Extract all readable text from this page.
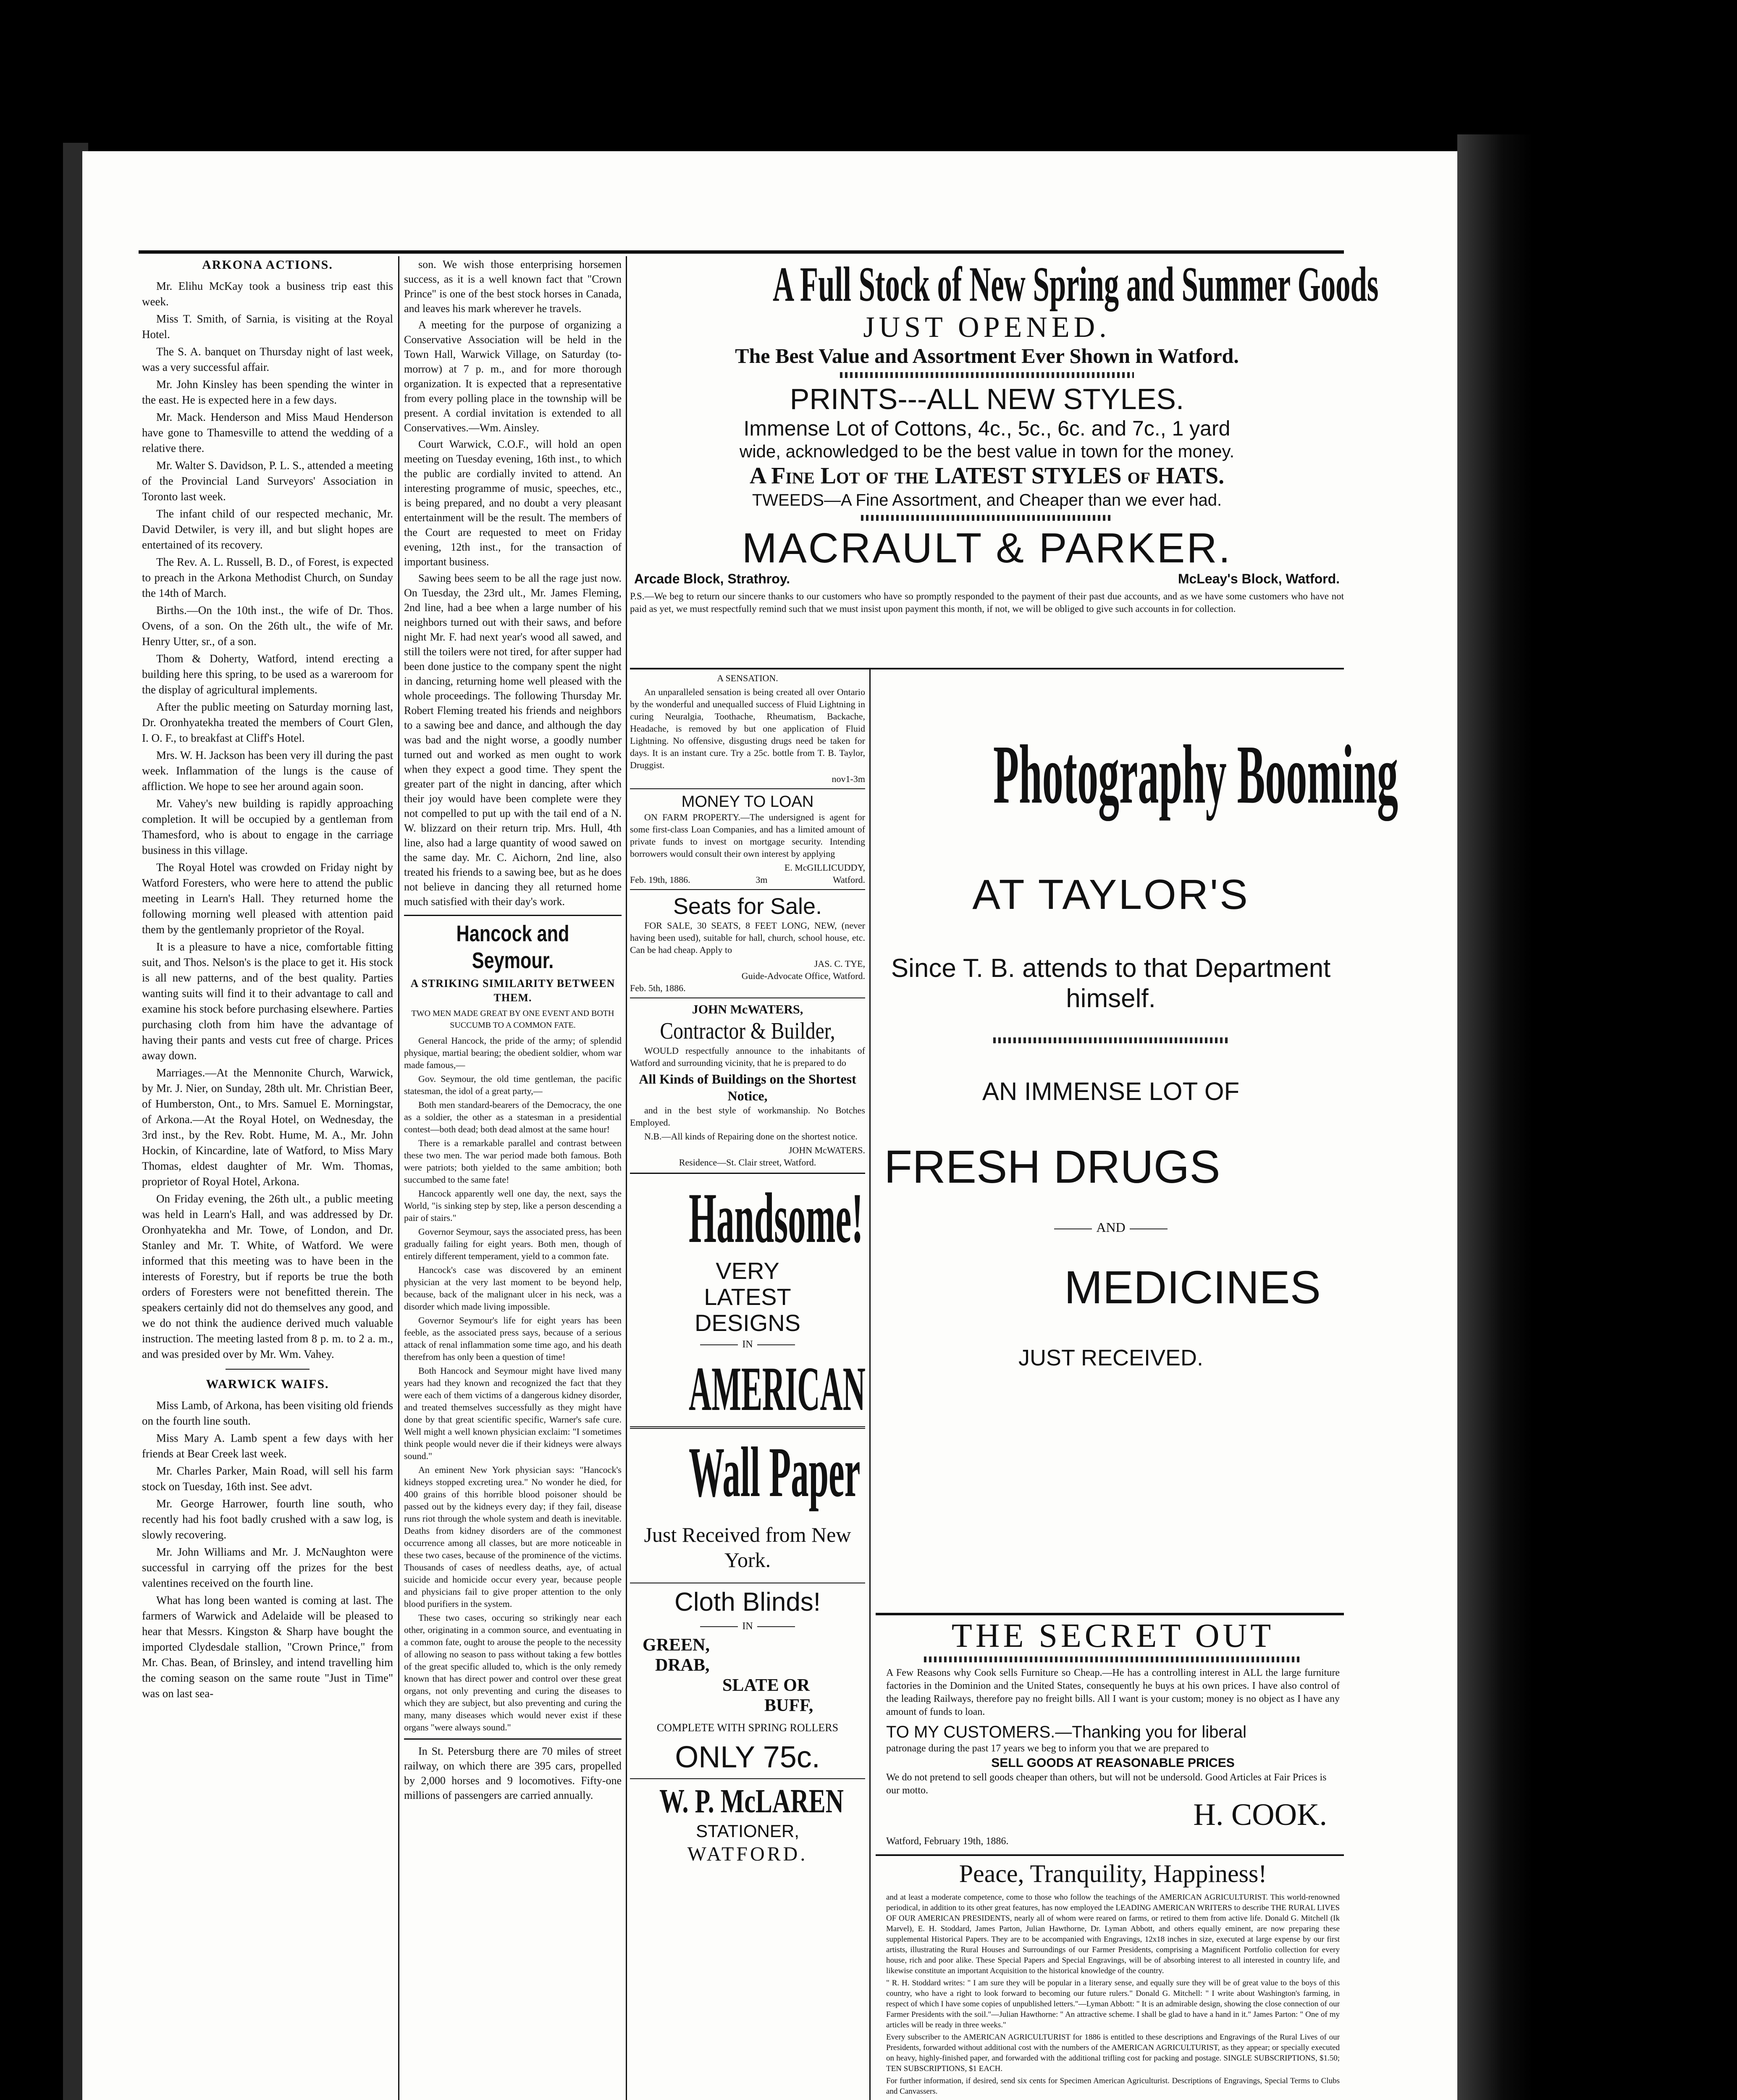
ARKONA ACTIONS.

Mr. Elihu McKay took a business trip east this week.

Miss T. Smith, of Sarnia, is visiting at the Royal Hotel.

The S. A. banquet on Thursday night of last week, was a very successful affair.

Mr. John Kinsley has been spending the winter in the east. He is expected here in a few days.

Mr. Mack. Henderson and Miss Maud Henderson have gone to Thamesville to attend the wedding of a relative there.

Mr. Walter S. Davidson, P. L. S., attended a meeting of the Provincial Land Surveyors' Association in Toronto last week.

The infant child of our respected mechanic, Mr. David Detwiler, is very ill, and but slight hopes are entertained of its recovery.

The Rev. A. L. Russell, B. D., of Forest, is expected to preach in the Arkona Methodist Church, on Sunday the 14th of March.

Births.—On the 10th inst., the wife of Dr. Thos. Ovens, of a son. On the 26th ult., the wife of Mr. Henry Utter, sr., of a son.

Thom & Doherty, Watford, intend erecting a building here this spring, to be used as a wareroom for the display of agricultural implements.

After the public meeting on Saturday morning last, Dr. Oronhyatekha treated the members of Court Glen, I. O. F., to breakfast at Cliff's Hotel.

Mrs. W. H. Jackson has been very ill during the past week. Inflammation of the lungs is the cause of affliction. We hope to see her around again soon.

Mr. Vahey's new building is rapidly approaching completion. It will be occupied by a gentleman from Thamesford, who is about to engage in the carriage business in this village.

The Royal Hotel was crowded on Friday night by Watford Foresters, who were here to attend the public meeting in Learn's Hall. They returned home the following morning well pleased with attention paid them by the gentlemanly proprietor of the Royal.

It is a pleasure to have a nice, comfortable fitting suit, and Thos. Nelson's is the place to get it. His stock is all new patterns, and of the best quality. Parties wanting suits will find it to their advantage to call and examine his stock before purchasing elsewhere. Parties purchasing cloth from him have the advantage of having their pants and vests cut free of charge. Prices away down.

Marriages.—At the Mennonite Church, Warwick, by Mr. J. Nier, on Sunday, 28th ult. Mr. Christian Beer, of Humberston, Ont., to Mrs. Samuel E. Morningstar, of Arkona.—At the Royal Hotel, on Wednesday, the 3rd inst., by the Rev. Robt. Hume, M. A., Mr. John Hockin, of Kincardine, late of Watford, to Miss Mary Thomas, eldest daughter of Mr. Wm. Thomas, proprietor of Royal Hotel, Arkona.

On Friday evening, the 26th ult., a public meeting was held in Learn's Hall, and was addressed by Dr. Oronhyatekha and Mr. Towe, of London, and Dr. Stanley and Mr. T. White, of Watford. We were informed that this meeting was to have been in the interests of Forestry, but if reports be true the both orders of Foresters were not benefitted therein. The speakers certainly did not do themselves any good, and we do not think the audience derived much valuable instruction. The meeting lasted from 8 p. m. to 2 a. m., and was presided over by Mr. Wm. Vahey.

WARWICK WAIFS.

Miss Lamb, of Arkona, has been visiting old friends on the fourth line south.

Miss Mary A. Lamb spent a few days with her friends at Bear Creek last week.

Mr. Charles Parker, Main Road, will sell his farm stock on Tuesday, 16th inst. See advt.

Mr. George Harrower, fourth line south, who recently had his foot badly crushed with a saw log, is slowly recovering.

Mr. John Williams and Mr. J. McNaughton were successful in carrying off the prizes for the best valentines received on the fourth line.

What has long been wanted is coming at last. The farmers of Warwick and Adelaide will be pleased to hear that Messrs. Kingston & Sharp have bought the imported Clydesdale stallion, "Crown Prince," from Mr. Chas. Bean, of Brinsley, and intend travelling him the coming season on the same route "Just in Time" was on last sea-

son. We wish those enterprising horsemen success, as it is a well known fact that "Crown Prince" is one of the best stock horses in Canada, and leaves his mark wherever he travels.

A meeting for the purpose of organizing a Conservative Association will be held in the Town Hall, Warwick Village, on Saturday (to-morrow) at 7 p. m., and for more thorough organization. It is expected that a representative from every polling place in the township will be present. A cordial invitation is extended to all Conservatives.—Wm. Ainsley.

Court Warwick, C.O.F., will hold an open meeting on Tuesday evening, 16th inst., to which the public are cordially invited to attend. An interesting programme of music, speeches, etc., is being prepared, and no doubt a very pleasant entertainment will be the result. The members of the Court are requested to meet on Friday evening, 12th inst., for the transaction of important business.

Sawing bees seem to be all the rage just now. On Tuesday, the 23rd ult., Mr. James Fleming, 2nd line, had a bee when a large number of his neighbors turned out with their saws, and before night Mr. F. had next year's wood all sawed, and still the toilers were not tired, for after supper had been done justice to the company spent the night in dancing, returning home well pleased with the whole proceedings. The following Thursday Mr. Robert Fleming treated his friends and neighbors to a sawing bee and dance, and although the day was bad and the night worse, a goodly number turned out and worked as men ought to work when they expect a good time. They spent the greater part of the night in dancing, after which their joy would have been complete were they not compelled to put up with the tail end of a N. W. blizzard on their return trip. Mrs. Hull, 4th line, also had a large quantity of wood sawed on the same day. Mr. C. Aichorn, 2nd line, also treated his friends to a sawing bee, but as he does not believe in dancing they all returned home much satisfied with their day's work.

Hancock and Seymour.
A STRIKING SIMILARITY BETWEEN THEM.
TWO MEN MADE GREAT BY ONE EVENT AND BOTH SUCCUMB TO A COMMON FATE.

General Hancock, the pride of the army; of splendid physique, martial bearing; the obedient soldier, whom war made famous,—

Gov. Seymour, the old time gentleman, the pacific statesman, the idol of a great party,—

Both men standard-bearers of the Democracy, the one as a soldier, the other as a statesman in a presidential contest—both dead; both dead almost at the same hour!

There is a remarkable parallel and contrast between these two men. The war period made both famous. Both were patriots; both yielded to the same ambition; both succumbed to the same fate!

Hancock apparently well one day, the next, says the World, "is sinking step by step, like a person descending a pair of stairs."

Governor Seymour, says the associated press, has been gradually failing for eight years. Both men, though of entirely different temperament, yield to a common fate.

Hancock's case was discovered by an eminent physician at the very last moment to be beyond help, because, back of the malignant ulcer in his neck, was a disorder which made living impossible.

Governor Seymour's life for eight years has been feeble, as the associated press says, because of a serious attack of renal inflammation some time ago, and his death therefrom has only been a question of time!

Both Hancock and Seymour might have lived many years had they known and recognized the fact that they were each of them victims of a dangerous kidney disorder, and treated themselves successfully as they might have done by that great scientific specific, Warner's safe cure. Well might a well known physician exclaim: "I sometimes think people would never die if their kidneys were always sound."

An eminent New York physician says: "Hancock's kidneys stopped excreting urea." No wonder he died, for 400 grains of this horrible blood poisoner should be passed out by the kidneys every day; if they fail, disease runs riot through the whole system and death is inevitable. Deaths from kidney disorders are of the commonest occurrence among all classes, but are more noticeable in these two cases, because of the prominence of the victims. Thousands of cases of needless deaths, aye, of actual suicide and homicide occur every year, because people and physicians fail to give proper attention to the only blood purifiers in the system.

These two cases, occuring so strikingly near each other, originating in a common source, and eventuating in a common fate, ought to arouse the people to the necessity of allowing no season to pass without taking a few bottles of the great specific alluded to, which is the only remedy known that has direct power and control over these great organs, not only preventing and curing the diseases to which they are subject, but also preventing and curing the many, many diseases which would never exist if these organs "were always sound."

In St. Petersburg there are 70 miles of street railway, on which there are 395 cars, propelled by 2,000 horses and 9 locomotives. Fifty-one millions of passengers are carried annually.

A Full Stock of New Spring and Summer Goods
JUST OPENED.
The Best Value and Assortment Ever Shown in Watford.
PRINTS---ALL NEW STYLES.
Immense Lot of Cottons, 4c., 5c., 6c. and 7c., 1 yard
wide, acknowledged to be the best value in town for the money.
A Fine Lot of the LATEST STYLES of HATS.
TWEEDS—A Fine Assortment, and Cheaper than we ever had.
MACRAULT & PARKER.
Arcade Block, Strathroy.	McLeay's Block, Watford.
P.S.—We beg to return our sincere thanks to our customers who have so promptly responded to the payment of their past due accounts, and as we have some customers who have not paid as yet, we must respectfully remind such that we must insist upon payment this month, if not, we will be obliged to give such accounts in for collection.
A SENSATION.

An unparalleled sensation is being created all over Ontario by the wonderful and unequalled success of Fluid Lightning in curing Neuralgia, Toothache, Rheumatism, Backache, Headache, is removed by but one application of Fluid Lightning. No offensive, disgusting drugs need be taken for days. It is an instant cure. Try a 25c. bottle from T. B. Taylor, Druggist.

nov1-3m
MONEY TO LOAN

ON FARM PROPERTY.—The undersigned is agent for some first-class Loan Companies, and has a limited amount of private funds to invest on mortgage security. Intending borrowers would consult their own interest by applying

E. McGILLICUDDY,
Feb. 19th, 1886.	3m	Watford.
Seats for Sale.

FOR SALE, 30 SEATS, 8 FEET LONG, NEW, (never having been used), suitable for hall, church, school house, etc. Can be had cheap. Apply to

JAS. C. TYE,
Guide-Advocate Office, Watford.
Feb. 5th, 1886.
JOHN McWATERS,
Contractor & Builder,

WOULD respectfully announce to the inhabitants of Watford and surrounding vicinity, that he is prepared to do

All Kinds of Buildings on the Shortest Notice,

and in the best style of workmanship. No Botches Employed.

N.B.—All kinds of Repairing done on the shortest notice.

JOHN McWATERS.
Residence—St. Clair street, Watford.
Handsome!
VERY
LATEST
DESIGNS
IN
AMERICAN
Wall Paper
Just Received from New York.
Cloth Blinds!
IN
GREEN,
DRAB,
SLATE OR
BUFF,
COMPLETE WITH SPRING ROLLERS
ONLY 75c.
W. P. McLAREN
STATIONER,
WATFORD.
Photography Booming
AT TAYLOR'S
Since T. B. attends to that Department himself.
AN IMMENSE LOT OF
FRESH DRUGS
AND
MEDICINES
JUST RECEIVED.
THE SECRET OUT
A Few Reasons why Cook sells Furniture so Cheap.—He has a controlling interest in ALL the large furniture factories in the Dominion and the United States, consequently he buys at his own prices. I have also control of the leading Railways, therefore pay no freight bills. All I want is your custom; money is no object as I have any amount of funds to loan.
TO MY CUSTOMERS.—Thanking you for liberal
patronage during the past 17 years we beg to inform you that we are prepared to
SELL GOODS AT REASONABLE PRICES
We do not pretend to sell goods cheaper than others, but will not be undersold. Good Articles at Fair Prices is our motto.
H. COOK.
Watford, February 19th, 1886.
Peace, Tranquility, Happiness!
and at least a moderate competence, come to those who follow the teachings of the AMERICAN AGRICULTURIST. This world-renowned periodical, in addition to its other great features, has now employed the LEADING AMERICAN WRITERS to describe THE RURAL LIVES OF OUR AMERICAN PRESIDENTS, nearly all of whom were reared on farms, or retired to them from active life. Donald G. Mitchell (Ik Marvel), E. H. Stoddard, James Parton, Julian Hawthorne, Dr. Lyman Abbott, and others equally eminent, are now preparing these supplemental Historical Papers. They are to be accompanied with Engravings, 12x18 inches in size, executed at large expense by our first artists, illustrating the Rural Houses and Surroundings of our Farmer Presidents, comprising a Magnificent Portfolio collection for every house, rich and poor alike. These Special Papers and Special Engravings, will be of absorbing interest to all interested in country life, and likewise constitute an important Acquisition to the historical knowledge of the country.
" R. H. Stoddard writes: " I am sure they will be popular in a literary sense, and equally sure they will be of great value to the boys of this country, who have a right to look forward to becoming our future rulers." Donald G. Mitchell: " I write about Washington's farming, in respect of which I have some copies of unpublished letters."—Lyman Abbott: " It is an admirable design, showing the close connection of our Farmer Presidents with the soil."—Julian Hawthorne: " An attractive scheme. I shall be glad to have a hand in it." James Parton: " One of my articles will be ready in three weeks."
Every subscriber to the AMERICAN AGRICULTURIST for 1886 is entitled to these descriptions and Engravings of the Rural Lives of our Presidents, forwarded without additional cost with the numbers of the AMERICAN AGRICULTURIST, as they appear; or specially executed on heavy, highly-finished paper, and forwarded with the additional trifling cost for packing and postage. SINGLE SUBSCRIPTIONS, $1.50; TEN SUBSCRIPTIONS, $1 EACH.
For further information, if desired, send six cents for Specimen American Agriculturist. Descriptions of Engravings, Special Terms to Clubs and Canvassers.
